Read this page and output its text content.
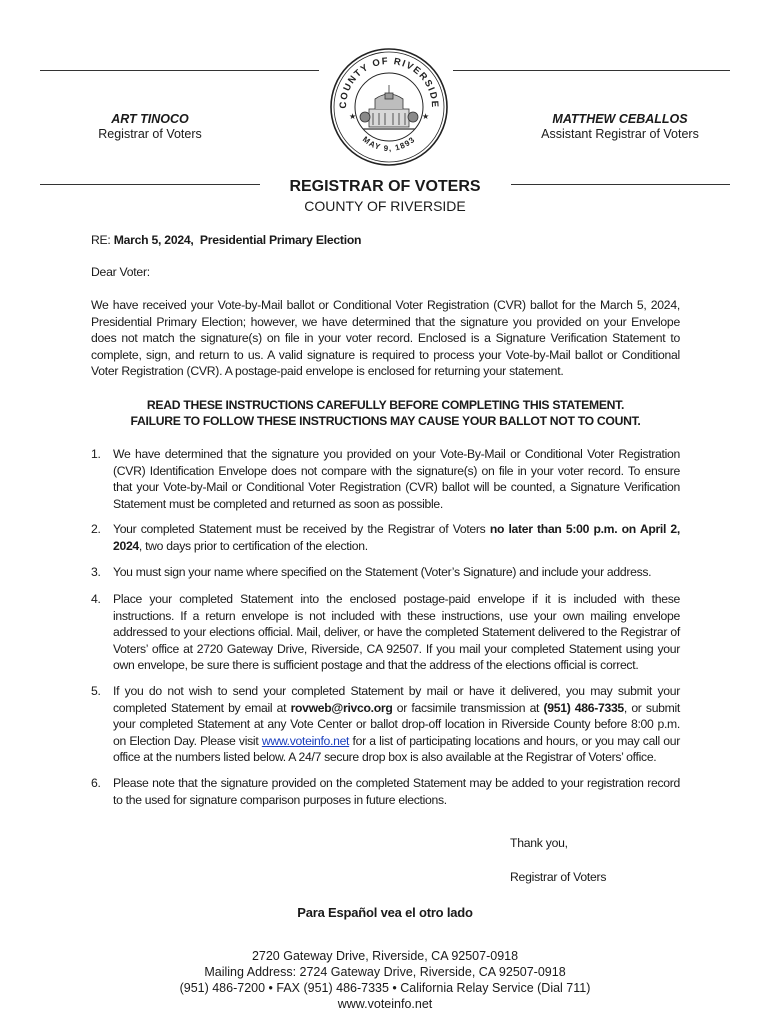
ART TINOCO
Registrar of Voters
MATTHEW CEBALLOS
Assistant Registrar of Voters
COUNTY OF RIVERSIDE
MAY 9, 1893
★	★
REGISTRAR OF VOTERS
COUNTY OF RIVERSIDE
RE: March 5, 2024,  Presidential Primary Election
Dear Voter:
We have received your Vote-by-Mail ballot or Conditional Voter Registration (CVR) ballot for the March 5, 2024, Presidential Primary Election; however, we have determined that the signature you provided on your Envelope does not match the signature(s) on file in your voter record. Enclosed is a Signature Verification Statement to complete, sign, and return to us. A valid signature is required to process your Vote-by-Mail ballot or Conditional Voter Registration (CVR). A postage-paid envelope is enclosed for returning your statement.
READ THESE INSTRUCTIONS CAREFULLY BEFORE COMPLETING THIS STATEMENT.
FAILURE TO FOLLOW THESE INSTRUCTIONS MAY CAUSE YOUR BALLOT NOT TO COUNT.
1. We have determined that the signature you provided on your Vote-By-Mail or Conditional Voter Registration (CVR) Identification Envelope does not compare with the signature(s) on file in your voter record. To ensure that your Vote-by-Mail or Conditional Voter Registration (CVR) ballot will be counted, a Signature Verification Statement must be completed and returned as soon as possible.
2. Your completed Statement must be received by the Registrar of Voters no later than 5:00 p.m. on April 2, 2024, two days prior to certification of the election.
3. You must sign your name where specified on the Statement (Voter’s Signature) and include your address.
4. Place your completed Statement into the enclosed postage-paid envelope if it is included with these instructions. If a return envelope is not included with these instructions, use your own mailing envelope addressed to your elections official. Mail, deliver, or have the completed Statement delivered to the Registrar of Voters’ office at 2720 Gateway Drive, Riverside, CA 92507. If you mail your completed Statement using your own envelope, be sure there is sufficient postage and that the address of the elections official is correct.
5. If you do not wish to send your completed Statement by mail or have it delivered, you may submit your completed Statement by email at rovweb@rivco.org or facsimile transmission at (951) 486-7335, or submit your completed Statement at any Vote Center or ballot drop-off location in Riverside County before 8:00 p.m. on Election Day. Please visit www.voteinfo.net for a list of participating locations and hours, or you may call our office at the numbers listed below. A 24/7 secure drop box is also available at the Registrar of Voters’ office.
6. Please note that the signature provided on the completed Statement may be added to your registration record to the used for signature comparison purposes in future elections.
Thank you,
Registrar of Voters
Para Español vea el otro lado
2720 Gateway Drive, Riverside, CA 92507-0918
Mailing Address: 2724 Gateway Drive, Riverside, CA 92507-0918
(951) 486-7200 • FAX (951) 486-7335 • California Relay Service (Dial 711)
www.voteinfo.net
